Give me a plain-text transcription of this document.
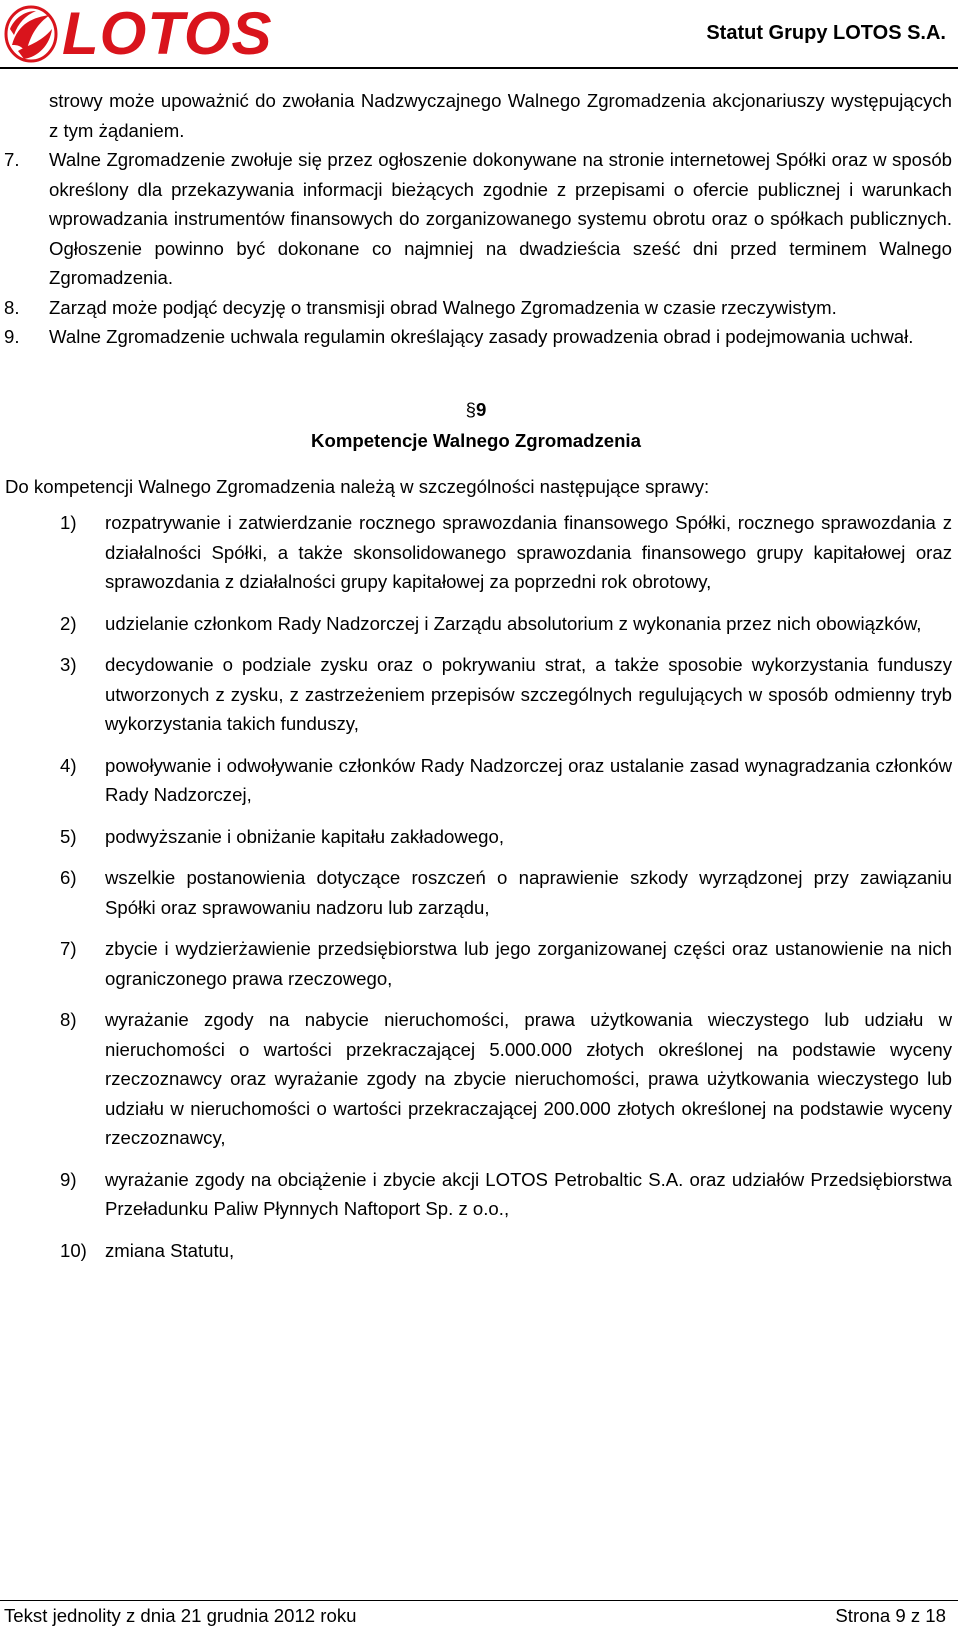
LOTOS	Statut Grupy LOTOS S.A.
strowy może upoważnić do zwołania Nadzwyczajnego Walnego Zgromadzenia akcjonariuszy występujących z tym żądaniem.
7. Walne Zgromadzenie zwołuje się przez ogłoszenie dokonywane na stronie internetowej Spółki oraz w sposób określony dla przekazywania informacji bieżących zgodnie z przepisami o ofercie publicznej i warunkach wprowadzania instrumentów finansowych do zorganizowanego systemu obrotu oraz o spółkach publicznych. Ogłoszenie powinno być dokonane co najmniej na dwadzieścia sześć dni przed terminem Walnego Zgromadzenia.
8. Zarząd może podjąć decyzję o transmisji obrad Walnego Zgromadzenia w czasie rzeczywistym.
9. Walne Zgromadzenie uchwala regulamin określający zasady prowadzenia obrad i podejmowania uchwał.
§9
Kompetencje Walnego Zgromadzenia
Do kompetencji Walnego Zgromadzenia należą w szczególności następujące sprawy:
1) rozpatrywanie i zatwierdzanie rocznego sprawozdania finansowego Spółki, rocznego sprawozdania z działalności Spółki, a także skonsolidowanego sprawozdania finansowego grupy kapitałowej oraz sprawozdania z działalności grupy kapitałowej za poprzedni rok obrotowy,
2) udzielanie członkom Rady Nadzorczej i Zarządu absolutorium z wykonania przez nich obowiązków,
3) decydowanie o podziale zysku oraz o pokrywaniu strat, a także sposobie wykorzystania funduszy utworzonych z zysku, z zastrzeżeniem przepisów szczególnych regulujących w sposób odmienny tryb wykorzystania takich funduszy,
4) powoływanie i odwoływanie członków Rady Nadzorczej oraz ustalanie zasad wynagradzania członków Rady Nadzorczej,
5) podwyższanie i obniżanie kapitału zakładowego,
6) wszelkie postanowienia dotyczące roszczeń o naprawienie szkody wyrządzonej przy zawiązaniu Spółki oraz sprawowaniu nadzoru lub zarządu,
7) zbycie i wydzierżawienie przedsiębiorstwa lub jego zorganizowanej części oraz ustanowienie na nich ograniczonego prawa rzeczowego,
8) wyrażanie zgody na nabycie nieruchomości, prawa użytkowania wieczystego lub udziału w nieruchomości o wartości przekraczającej 5.000.000 złotych określonej na podstawie wyceny rzeczoznawcy oraz wyrażanie zgody na zbycie nieruchomości, prawa użytkowania wieczystego lub udziału w nieruchomości o wartości przekraczającej 200.000 złotych określonej na podstawie wyceny rzeczoznawcy,
9) wyrażanie zgody na obciążenie i zbycie akcji LOTOS Petrobaltic S.A. oraz udziałów Przedsiębiorstwa Przeładunku Paliw Płynnych Naftoport Sp. z o.o.,
10) zmiana Statutu,
Tekst jednolity z dnia 21 grudnia 2012 roku	Strona 9 z 18
